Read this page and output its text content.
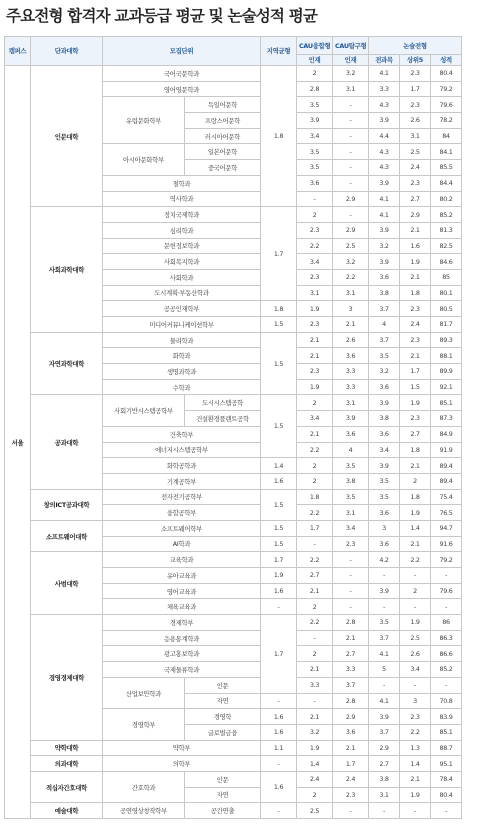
주요전형 합격자 교과등급 평균 및 논술성적 평균
캠퍼스	단과대학	모집단위		지역균형	CAU융합형	CAU탐구형	논술전형		
					인재	인재	전과목	상위5	성적
서울	인문대학	국어국문학과		1.8	2	3.2	4.1	2.3	80.4
		영어영문학과			2.8	3.1	3.3	1.7	79.2
		유럽문화학부	독일어문학		3.5	-	4.3	2.3	79.6
			프랑스어문학		3.9	-	3.9	2.6	78.2
			러시아어문학		3.4	-	4.4	3.1	84
		아시아문화학부	일본어문학		3.5	-	4.3	2.5	84.1
			중국어문학		3.5	-	4.3	2.4	85.5
		철학과			3.6	-	3.9	2.3	84.4
		역사학과			-	2.9	4.1	2.7	80.2
	사회과학대학	정치국제학과		1.7	2	-	4.1	2.9	85.2
		심리학과			2.3	2.9	3.9	2.1	81.3
		문헌정보학과			2.2	2.5	3.2	1.6	82.5
		사회복지학과			3.4	3.2	3.9	1.9	84.6
		사회학과			2.3	2.2	3.6	2.1	85
		도시계획·부동산학과			3.1	3.1	3.8	1.8	80.1
		공공인재학부		1.8	1.9	3	3.7	2.3	80.5
		미디어커뮤니케이션학부		1.5	2.3	2.1	4	2.4	81.7
	자연과학대학	물리학과		1.5	2.1	2.6	3.7	2.3	89.3
		화학과			2.1	3.6	3.5	2.1	88.1
		생명과학과			2.3	3.3	3.2	1.7	89.9
		수학과			1.9	3.3	3.6	1.5	92.1
	공과대학	사회기반시스템공학부	도시시스템공학	1.5	2	3.1	3.9	1.9	85.1
			건설환경플랜트공학		3.4	3.9	3.8	2.3	87.3
		건축학부			2.1	3.6	3.6	2.7	84.9
		에너지시스템공학부			2.2	4	3.4	1.8	91.9
		화학공학과		1.4	2	3.5	3.9	2.1	89.4
		기계공학부		1.6	2	3.8	3.5	2	89.4
	창의ICT공과대학	전자전기공학부		1.5	1.8	3.5	3.5	1.8	75.4
		융합공학부			2.2	3.1	3.6	1.9	76.5
	소프트웨어대학	소프트웨어학부		1.5	1.7	3.4	3	1.4	94.7
		AI학과		1.5	-	2.3	3.6	2.1	91.6
	사범대학	교육학과		1.7	2.2	-	4.2	2.2	79.2
		유아교육과		1.9	2.7	-	-	-	-
		영어교육과		1.6	2.1	-	3.9	2	79.6
		체육교육과		-	2	-	-	-	-
	경영경제대학	경제학부		1.7	2.2	2.8	3.5	1.9	86
		응용통계학과			-	2.1	3.7	2.5	86.3
		광고홍보학과			2	2.7	4.1	2.6	86.6
		국제물류학과			2.1	3.3	5	3.4	85.2
		산업보안학과	인문		3.3	3.7	-	-	-
			자연	-	-	2.8	4.1	3	70.8
		경영학부	경영학	1.6	2.1	2.9	3.9	2.3	83.9
			글로벌금융	1.6	3.2	3.6	3.7	2.2	85.1
	약학대학	약학부		1.1	1.9	2.1	2.9	1.3	88.7
	의과대학	의학부		-	1.4	1.7	2.7	1.4	95.1
	적십자간호대학	간호학과	인문	1.6	2.4	2.4	3.8	2.1	78.4
			자연		2	2.3	3.1	1.9	80.4
	예술대학	공연영상창작학부	공간연출	-	2.5	-	-	-	-
